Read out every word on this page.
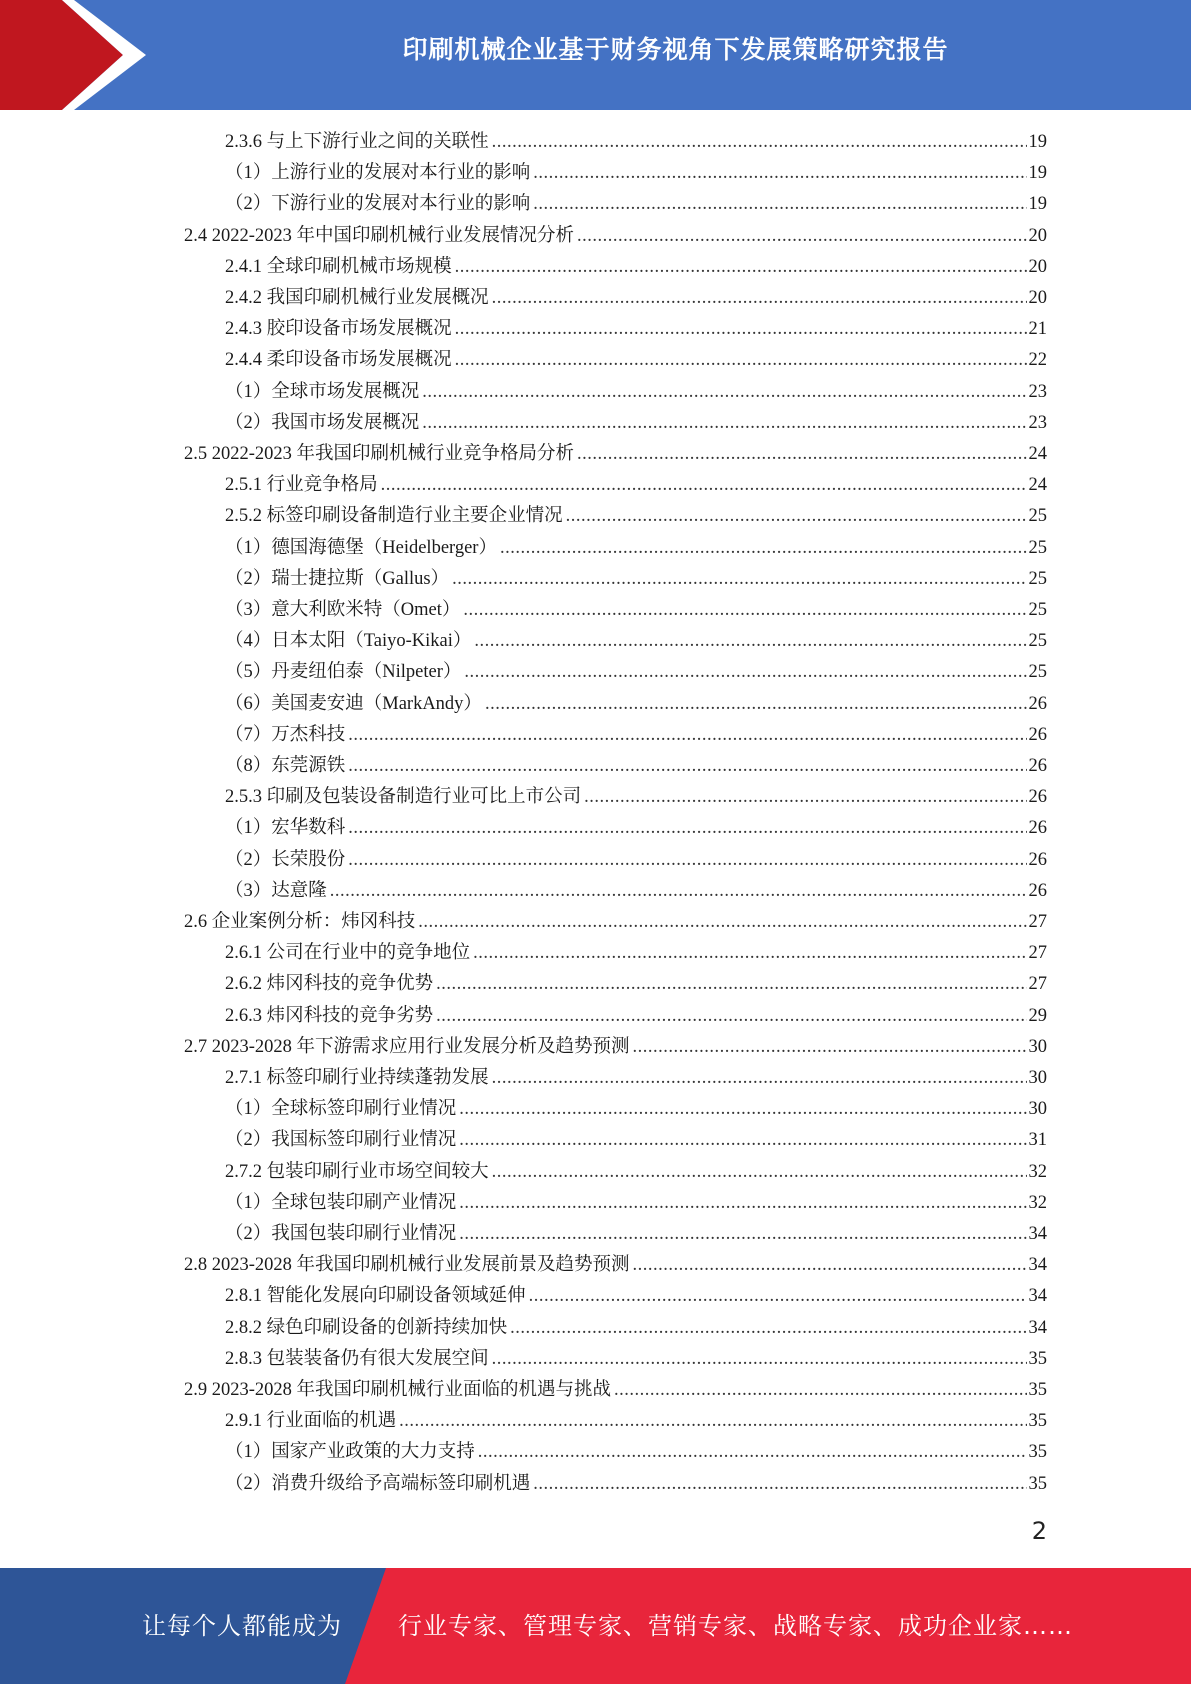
印刷机械企业基于财务视角下发展策略研究报告
2.3.6 与上下游行业之间的关联性 .....	19
（1）上游行业的发展对本行业的影响 .....	19
（2）下游行业的发展对本行业的影响 .....	19
2.4 2022-2023 年中国印刷机械行业发展情况分析 .....	20
2.4.1 全球印刷机械市场规模 .....	20
2.4.2 我国印刷机械行业发展概况 .....	20
2.4.3 胶印设备市场发展概况 .....	21
2.4.4 柔印设备市场发展概况 .....	22
（1）全球市场发展概况 .....	23
（2）我国市场发展概况 .....	23
2.5 2022-2023 年我国印刷机械行业竞争格局分析 .....	24
2.5.1 行业竞争格局 .....	24
2.5.2 标签印刷设备制造行业主要企业情况 .....	25
（1）德国海德堡（Heidelberger） .....	25
（2）瑞士捷拉斯（Gallus） .....	25
（3）意大利欧米特（Omet） .....	25
（4）日本太阳（Taiyo-Kikai） .....	25
（5）丹麦纽伯泰（Nilpeter） .....	25
（6）美国麦安迪（MarkAndy） .....	26
（7）万杰科技 .....	26
（8）东莞源铁 .....	26
2.5.3 印刷及包装设备制造行业可比上市公司 .....	26
（1）宏华数科 .....	26
（2）长荣股份 .....	26
（3）达意隆 .....	26
2.6 企业案例分析：炜冈科技 .....	27
2.6.1 公司在行业中的竞争地位 .....	27
2.6.2 炜冈科技的竞争优势 .....	27
2.6.3 炜冈科技的竞争劣势 .....	29
2.7 2023-2028 年下游需求应用行业发展分析及趋势预测 .....	30
2.7.1 标签印刷行业持续蓬勃发展 .....	30
（1）全球标签印刷行业情况 .....	30
（2）我国标签印刷行业情况 .....	31
2.7.2 包装印刷行业市场空间较大 .....	32
（1）全球包装印刷产业情况 .....	32
（2）我国包装印刷行业情况 .....	34
2.8 2023-2028 年我国印刷机械行业发展前景及趋势预测 .....	34
2.8.1 智能化发展向印刷设备领域延伸 .....	34
2.8.2 绿色印刷设备的创新持续加快 .....	34
2.8.3 包装装备仍有很大发展空间 .....	35
2.9 2023-2028 年我国印刷机械行业面临的机遇与挑战 .....	35
2.9.1 行业面临的机遇 .....	35
（1）国家产业政策的大力支持 .....	35
（2）消费升级给予高端标签印刷机遇 .....	35
2
让每个人都能成为 行业专家、管理专家、营销专家、战略专家、成功企业家……
